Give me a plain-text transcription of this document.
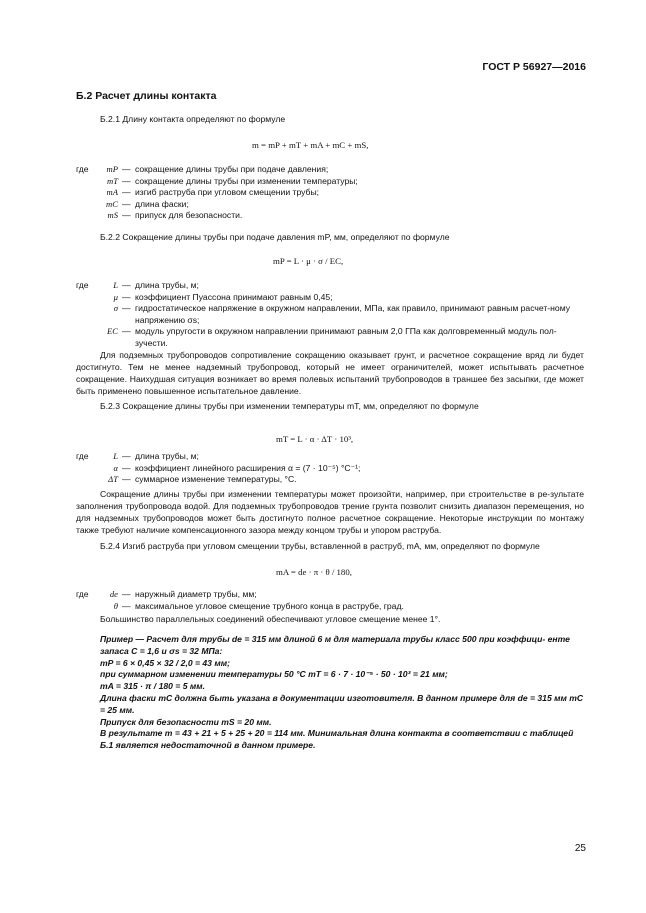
ГОСТ Р 56927—2016
Б.2 Расчет длины контакта
Б.2.1 Длину контакта определяют по формуле
m = mP + mT + mA + mC + mS,
где	mP — сокращение длины трубы при подаче давления;
mT — сокращение длины трубы при изменении температуры;
mA — изгиб раструба при угловом смещении трубы;
mC — длина фаски;
mS — припуск для безопасности.
Б.2.2 Сокращение длины трубы при подаче давления mP, мм, определяют по формуле
mP = L · μ · σ / EC,
где	L — длина трубы, м;
μ — коэффициент Пуассона принимают равным 0,45;
σ — гидростатическое напряжение в окружном направлении, МПа, как правило, принимают равным расчет-ному напряжению σs;
EC — модуль упругости в окружном направлении принимают равным 2,0 ГПа как долговременный модуль пол-зучести.
Для подземных трубопроводов сопротивление сокращению оказывает грунт, и расчетное сокращение вряд ли будет достигнуто. Тем не менее надземный трубопровод, который не имеет ограничителей, может испытывать расчетное сокращение. Наихудшая ситуация возникает во время полевых испытаний трубопроводов в траншее без засыпки, где может быть применено повышенное испытательное давление.
Б.2.3 Сокращение длины трубы при изменении температуры mT, мм, определяют по формуле
mT = L · α · ΔT · 10³,
где	L — длина трубы, м;
α — коэффициент линейного расширения α = (7 · 10⁻⁵) °С⁻¹;
ΔT — суммарное изменение температуры, °С.
Сокращение длины трубы при изменении температуры может произойти, например, при строительстве в ре-зультате заполнения трубопровода водой. Для подземных трубопроводов трение грунта позволит снизить диапазон перемещения, но для надземных трубопроводов может быть достигнуто полное расчетное сокращение. Некоторые инструкции по монтажу также требуют наличие компенсационного зазора между концом трубы и упором раструба.
Б.2.4 Изгиб раструба при угловом смещении трубы, вставленной в раструб, mA, мм, определяют по формуле
mA = de · π · θ / 180,
где	de — наружный диаметр трубы, мм;
θ — максимальное угловое смещение трубного конца в раструбе, град.
Большинство параллельных соединений обеспечивают угловое смещение менее 1°.
Пример — Расчет для трубы de = 315 мм длиной 6 м для материала трубы класс 500 при коэффици- енте запаса C = 1,6 и σs = 32 МПа:
mP = 6 × 0,45 × 32 / 2,0 = 43 мм;
при суммарном изменении температуры 50 °С mT = 6 · 7 · 10⁻⁵ · 50 · 10³ = 21 мм;
mA = 315 · π / 180 = 5 мм.
Длина фаски mC должна быть указана в документации изготовителя. В данном примере для de = 315 мм mC = 25 мм.
Припуск для безопасности mS = 20 мм.
В результате m = 43 + 21 + 5 + 25 + 20 = 114 мм. Минимальная длина контакта в соответствии с таблицей Б.1 является недостаточной в данном примере.
25
